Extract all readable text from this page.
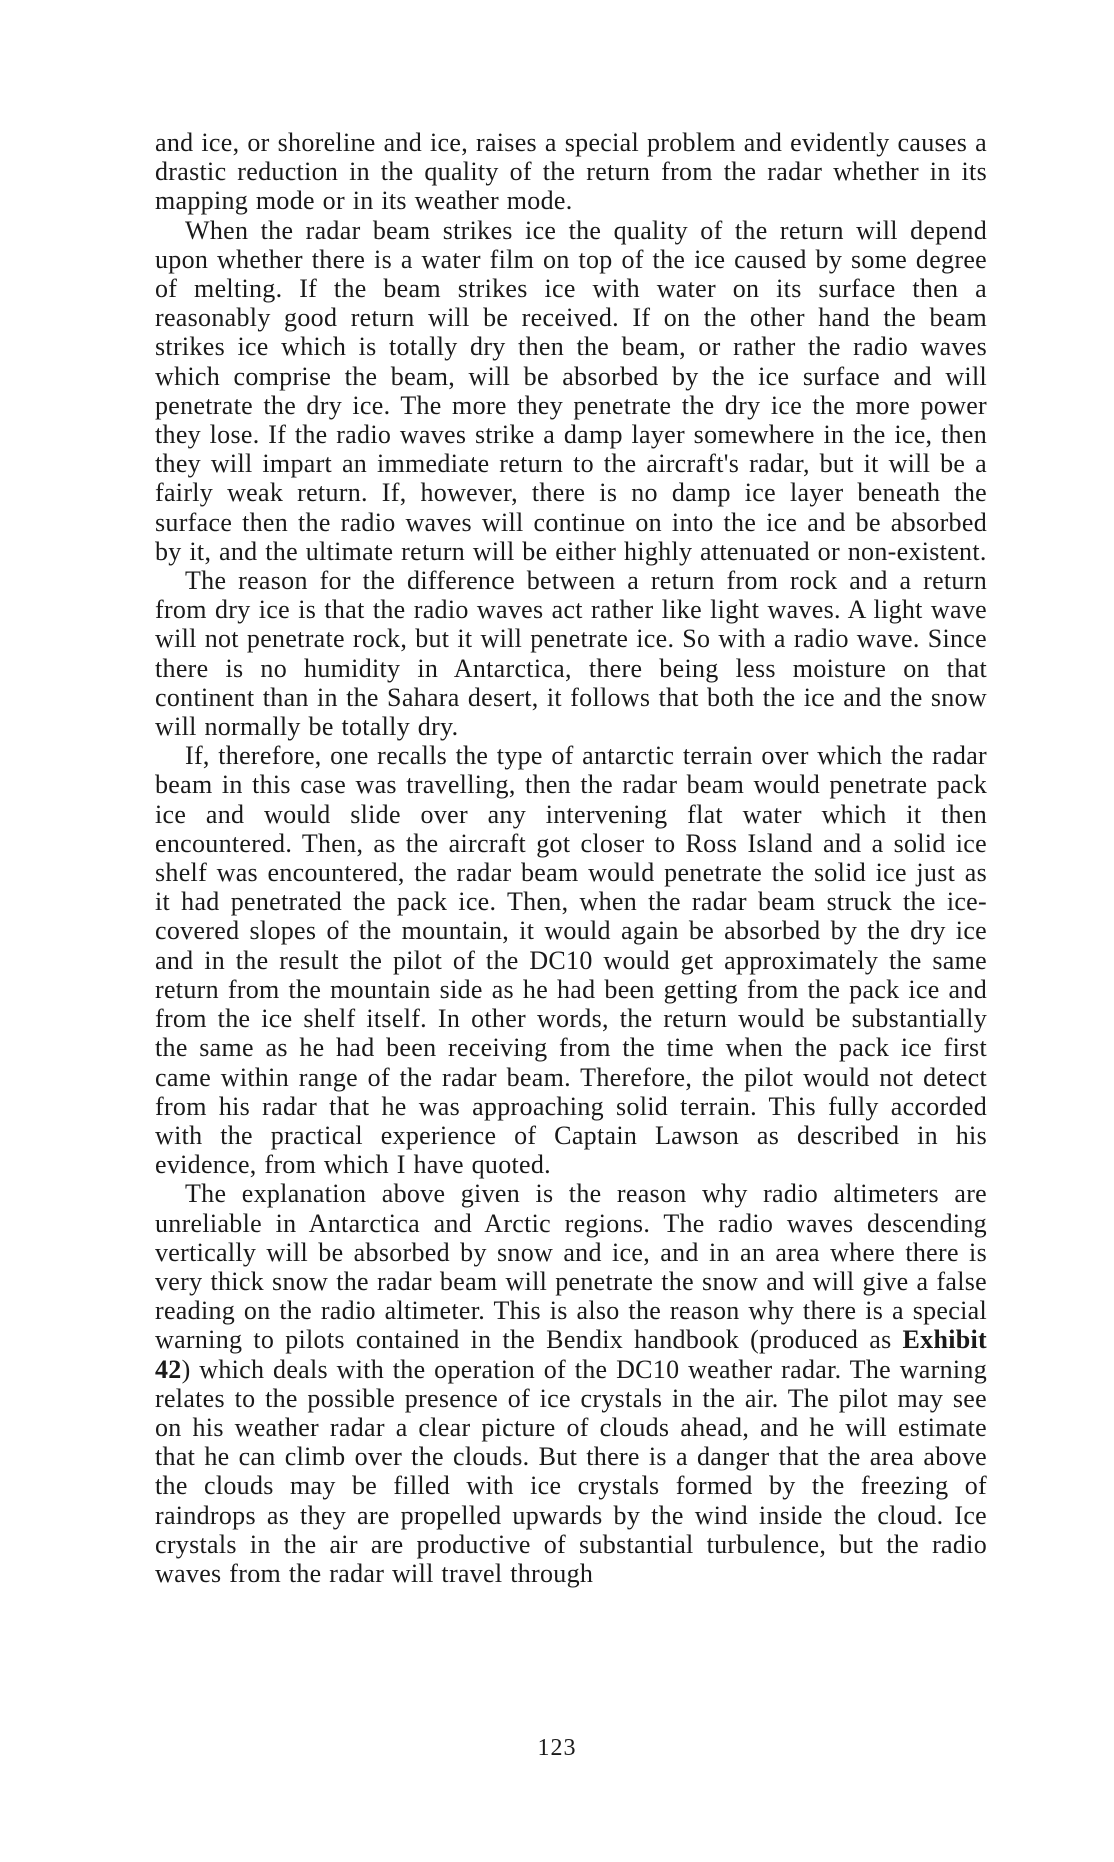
and ice, or shoreline and ice, raises a special problem and evidently causes a drastic reduction in the quality of the return from the radar whether in its mapping mode or in its weather mode.

When the radar beam strikes ice the quality of the return will depend upon whether there is a water film on top of the ice caused by some degree of melting. If the beam strikes ice with water on its surface then a reasonably good return will be received. If on the other hand the beam strikes ice which is totally dry then the beam, or rather the radio waves which comprise the beam, will be absorbed by the ice surface and will penetrate the dry ice. The more they penetrate the dry ice the more power they lose. If the radio waves strike a damp layer somewhere in the ice, then they will impart an immediate return to the aircraft's radar, but it will be a fairly weak return. If, however, there is no damp ice layer beneath the surface then the radio waves will continue on into the ice and be absorbed by it, and the ultimate return will be either highly attenuated or non-existent.

The reason for the difference between a return from rock and a return from dry ice is that the radio waves act rather like light waves. A light wave will not penetrate rock, but it will penetrate ice. So with a radio wave. Since there is no humidity in Antarctica, there being less moisture on that continent than in the Sahara desert, it follows that both the ice and the snow will normally be totally dry.

If, therefore, one recalls the type of antarctic terrain over which the radar beam in this case was travelling, then the radar beam would penetrate pack ice and would slide over any intervening flat water which it then encountered. Then, as the aircraft got closer to Ross Island and a solid ice shelf was encountered, the radar beam would penetrate the solid ice just as it had penetrated the pack ice. Then, when the radar beam struck the ice-covered slopes of the mountain, it would again be absorbed by the dry ice and in the result the pilot of the DC10 would get approximately the same return from the mountain side as he had been getting from the pack ice and from the ice shelf itself. In other words, the return would be substantially the same as he had been receiving from the time when the pack ice first came within range of the radar beam. Therefore, the pilot would not detect from his radar that he was approaching solid terrain. This fully accorded with the practical experience of Captain Lawson as described in his evidence, from which I have quoted.

The explanation above given is the reason why radio altimeters are unreliable in Antarctica and Arctic regions. The radio waves descending vertically will be absorbed by snow and ice, and in an area where there is very thick snow the radar beam will penetrate the snow and will give a false reading on the radio altimeter. This is also the reason why there is a special warning to pilots contained in the Bendix handbook (produced as Exhibit 42) which deals with the operation of the DC10 weather radar. The warning relates to the possible presence of ice crystals in the air. The pilot may see on his weather radar a clear picture of clouds ahead, and he will estimate that he can climb over the clouds. But there is a danger that the area above the clouds may be filled with ice crystals formed by the freezing of raindrops as they are propelled upwards by the wind inside the cloud. Ice crystals in the air are productive of substantial turbulence, but the radio waves from the radar will travel through

123
